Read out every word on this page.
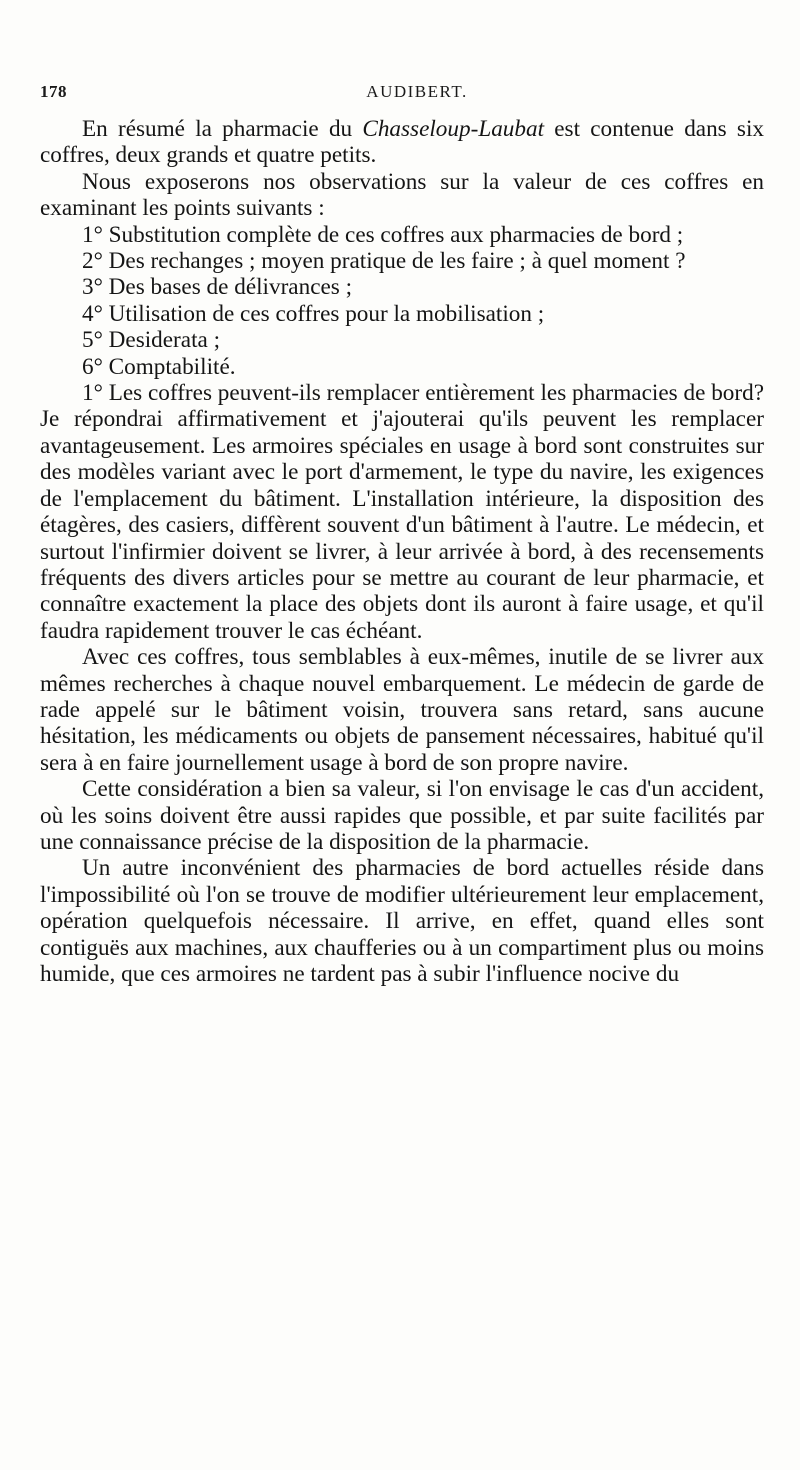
178	AUDIBERT.

En résumé la pharmacie du Chasseloup-Laubat est contenue dans six coffres, deux grands et quatre petits.

Nous exposerons nos observations sur la valeur de ces coffres en examinant les points suivants :

1° Substitution complète de ces coffres aux pharmacies de bord ;

2° Des rechanges ; moyen pratique de les faire ; à quel moment ?

3° Des bases de délivrances ;

4° Utilisation de ces coffres pour la mobilisation ;

5° Desiderata ;

6° Comptabilité.

1° Les coffres peuvent-ils remplacer entièrement les pharmacies de bord? Je répondrai affirmativement et j'ajouterai qu'ils peuvent les remplacer avantageusement. Les armoires spéciales en usage à bord sont construites sur des modèles variant avec le port d'armement, le type du navire, les exigences de l'emplacement du bâtiment. L'installation intérieure, la disposition des étagères, des casiers, diffèrent souvent d'un bâtiment à l'autre. Le médecin, et surtout l'infirmier doivent se livrer, à leur arrivée à bord, à des recensements fréquents des divers articles pour se mettre au courant de leur pharmacie, et connaître exactement la place des objets dont ils auront à faire usage, et qu'il faudra rapidement trouver le cas échéant.

Avec ces coffres, tous semblables à eux-mêmes, inutile de se livrer aux mêmes recherches à chaque nouvel embarquement. Le médecin de garde de rade appelé sur le bâtiment voisin, trouvera sans retard, sans aucune hésitation, les médicaments ou objets de pansement nécessaires, habitué qu'il sera à en faire journellement usage à bord de son propre navire.

Cette considération a bien sa valeur, si l'on envisage le cas d'un accident, où les soins doivent être aussi rapides que possible, et par suite facilités par une connaissance précise de la disposition de la pharmacie.

Un autre inconvénient des pharmacies de bord actuelles réside dans l'impossibilité où l'on se trouve de modifier ultérieurement leur emplacement, opération quelquefois nécessaire. Il arrive, en effet, quand elles sont contiguës aux machines, aux chaufferies ou à un compartiment plus ou moins humide, que ces armoires ne tardent pas à subir l'influence nocive du
